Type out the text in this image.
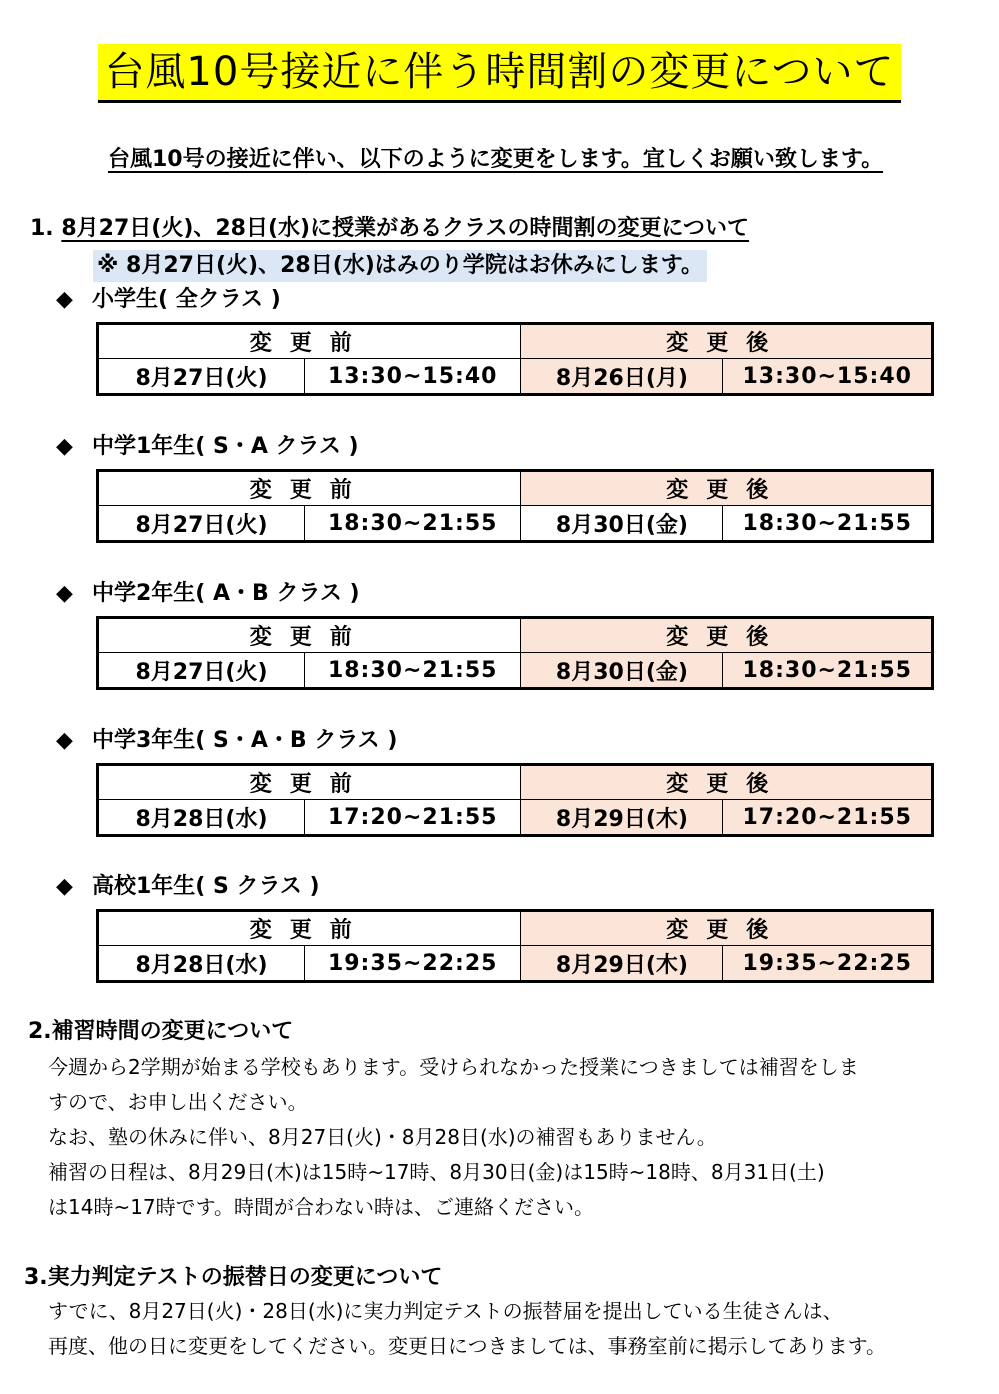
台風10号接近に伴う時間割の変更について
台風10号の接近に伴い、以下のように変更をします。宜しくお願い致します。
1. 8月27日(火)、28日(水)に授業があるクラスの時間割の変更について
※ 8月27日(火)、28日(水)はみのり学院はお休みにします。
◆ 小学生( 全クラス )
変更前		変更後	
8月27日(火)	13:30~15:40	8月26日(月)	13:30~15:40
◆ 中学1年生( S・A クラス )
変更前		変更後	
8月27日(火)	18:30~21:55	8月30日(金)	18:30~21:55
◆ 中学2年生( A・B クラス )
変更前		変更後	
8月27日(火)	18:30~21:55	8月30日(金)	18:30~21:55
◆ 中学3年生( S・A・B クラス )
変更前		変更後	
8月28日(水)	17:20~21:55	8月29日(木)	17:20~21:55
◆ 高校1年生( S クラス )
変更前		変更後	
8月28日(水)	19:35~22:25	8月29日(木)	19:35~22:25
2.補習時間の変更について
今週から2学期が始まる学校もあります。受けられなかった授業につきましては補習をしま
すので、お申し出ください。
なお、塾の休みに伴い、8月27日(火)・8月28日(水)の補習もありません。
補習の日程は、8月29日(木)は15時~17時、8月30日(金)は15時~18時、8月31日(土)
は14時~17時です。時間が合わない時は、ご連絡ください。
3.実力判定テストの振替日の変更について
すでに、8月27日(火)・28日(水)に実力判定テストの振替届を提出している生徒さんは、
再度、他の日に変更をしてください。変更日につきましては、事務室前に掲示してあります。
